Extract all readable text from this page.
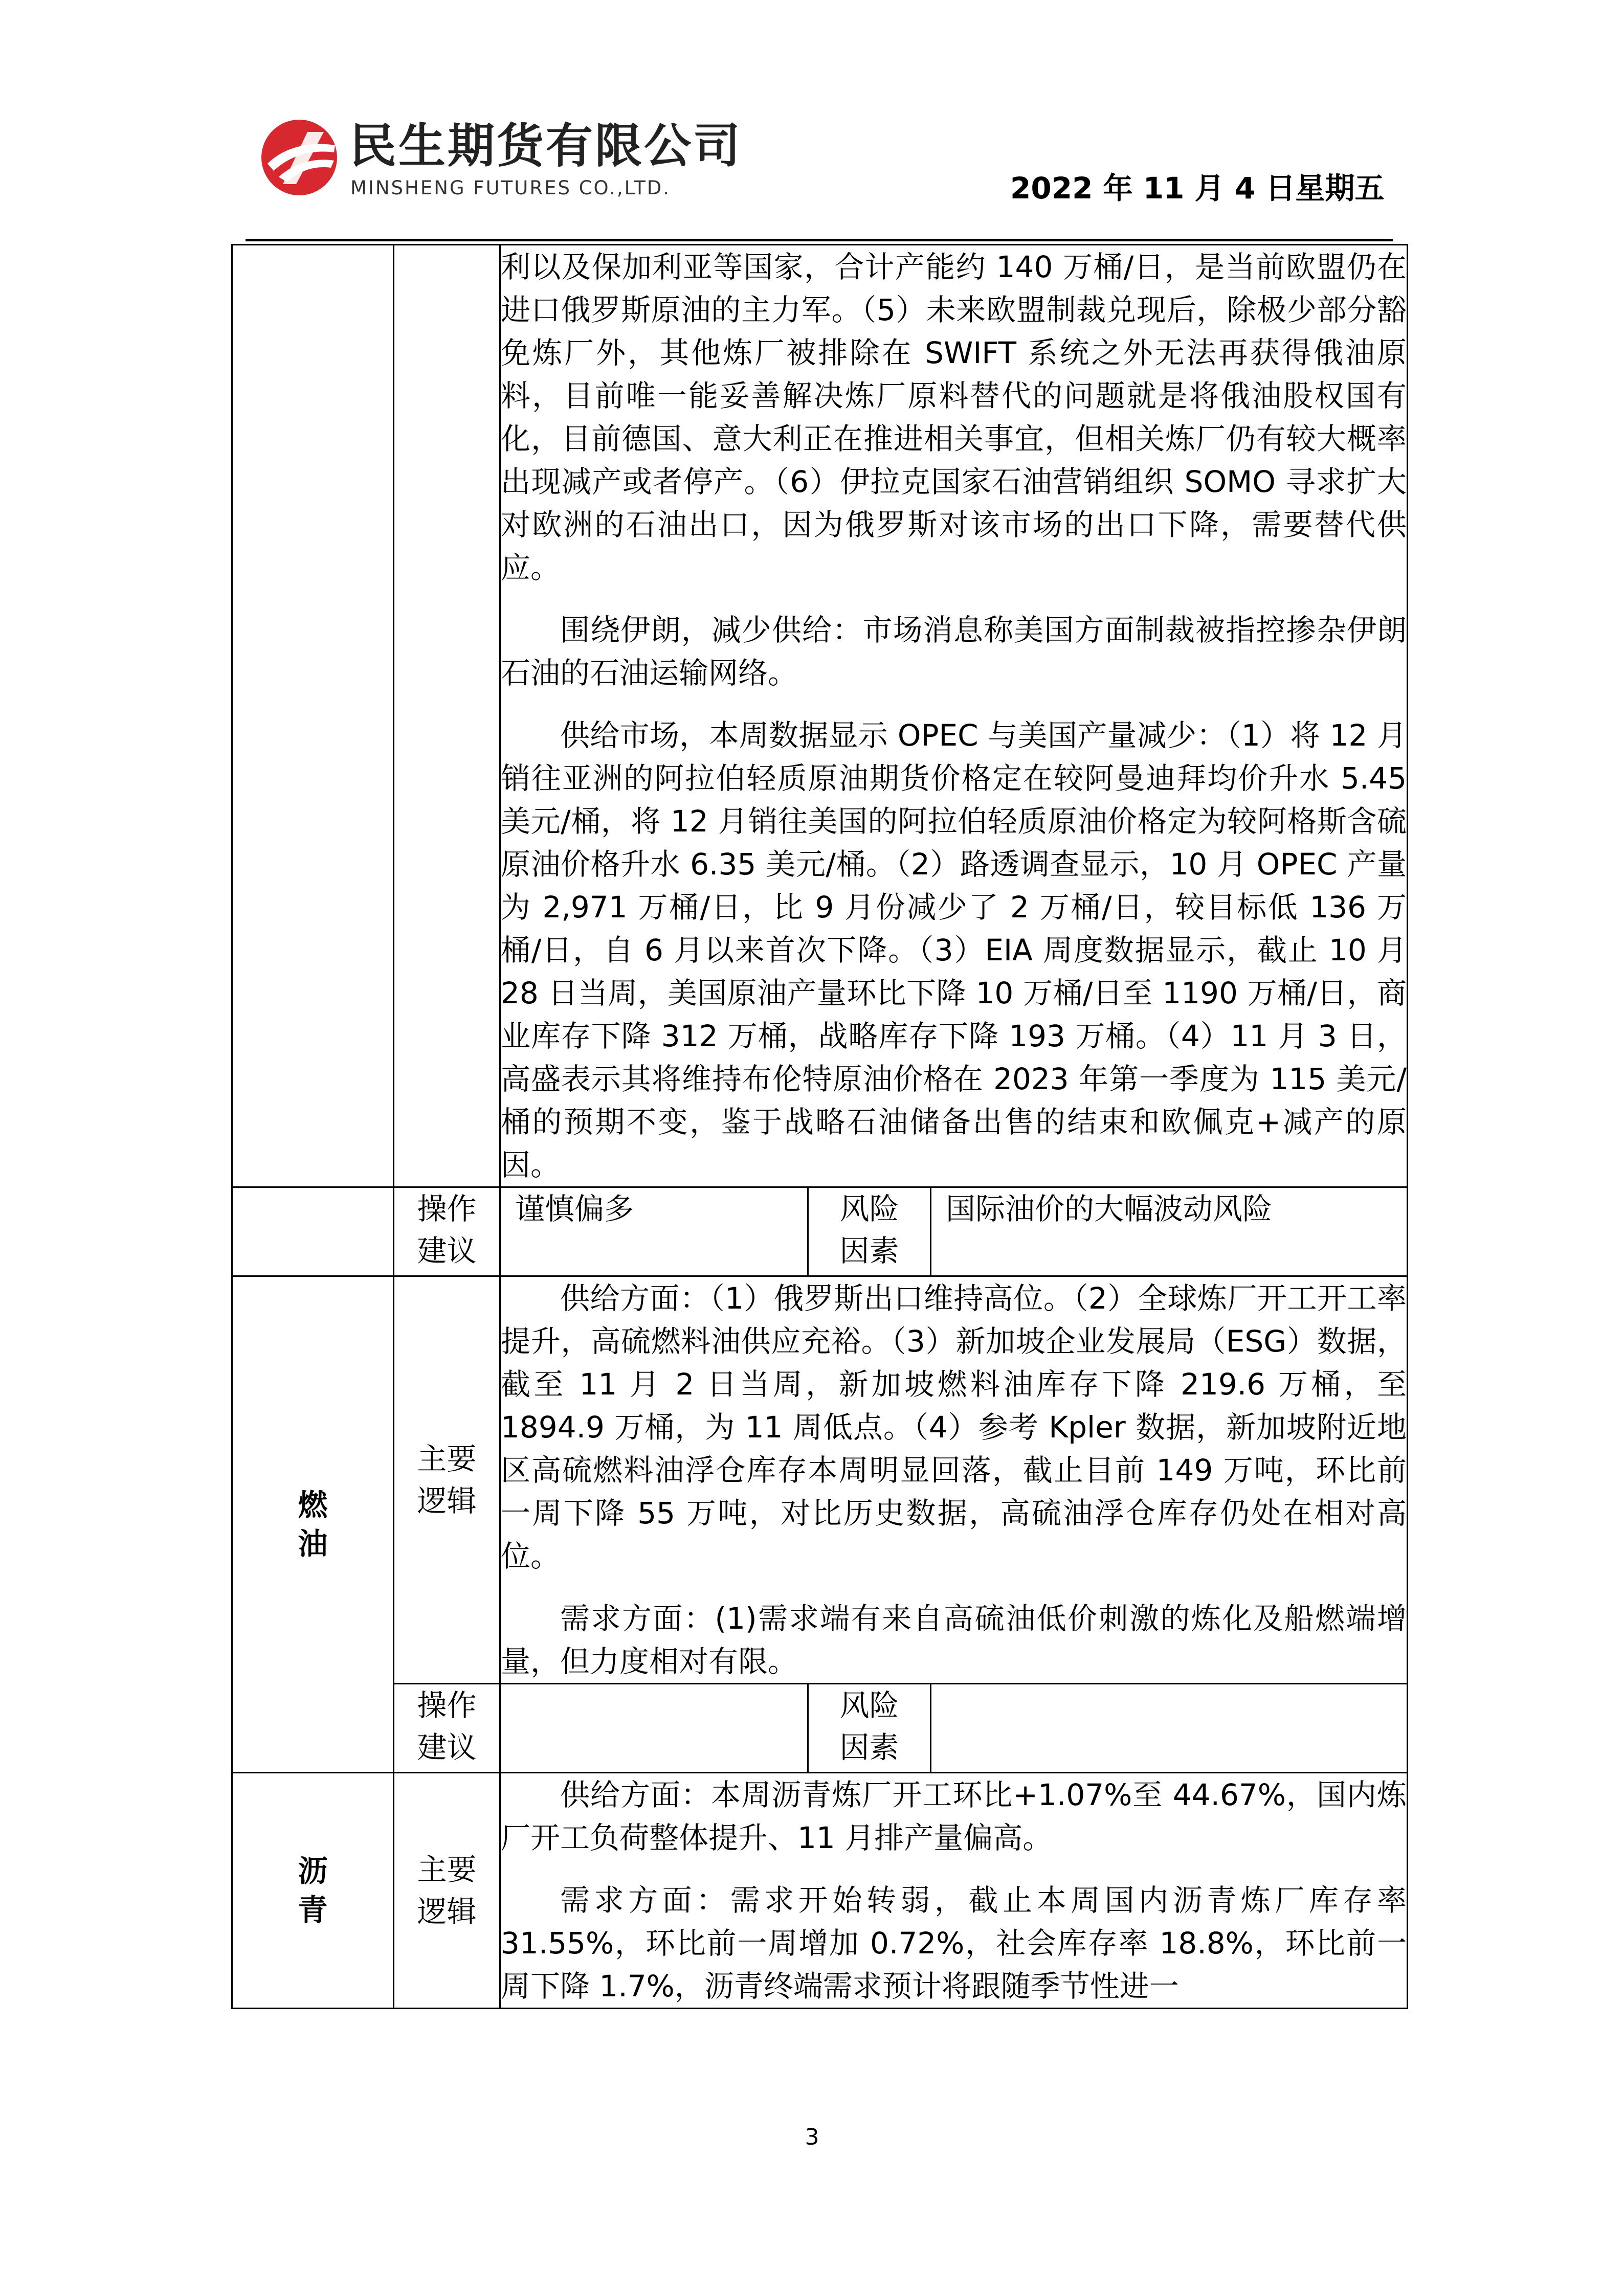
民生期货有限公司
MINSHENG FUTURES CO.,LTD.	2022 年 11 月 4 日星期五

		利以及保加利亚等国家，合计产能约 140 万桶/日，是当前欧盟仍在进口俄罗斯原油的主力军。（5）未来欧盟制裁兑现后，除极少部分豁免炼厂外，其他炼厂被排除在 SWIFT 系统之外无法再获得俄油原料，目前唯一能妥善解决炼厂原料替代的问题就是将俄油股权国有化，目前德国、意大利正在推进相关事宜，但相关炼厂仍有较大概率出现减产或者停产。（6）伊拉克国家石油营销组织 SOMO 寻求扩大对欧洲的石油出口，因为俄罗斯对该市场的出口下降，需要替代供应。

围绕伊朗，减少供给：市场消息称美国方面制裁被指控掺杂伊朗石油的石油运输网络。

供给市场，本周数据显示 OPEC 与美国产量减少：（1）将 12 月销往亚洲的阿拉伯轻质原油期货价格定在较阿曼迪拜均价升水 5.45 美元/桶，将 12 月销往美国的阿拉伯轻质原油价格定为较阿格斯含硫原油价格升水 6.35 美元/桶。（2）路透调查显示，10 月 OPEC 产量为 2,971 万桶/日，比 9 月份减少了 2 万桶/日，较目标低 136 万桶/日，自 6 月以来首次下降。（3）EIA 周度数据显示，截止 10 月 28 日当周，美国原油产量环比下降 10 万桶/日至 1190 万桶/日，商业库存下降 312 万桶，战略库存下降 193 万桶。（4）11 月 3 日，高盛表示其将维持布伦特原油价格在 2023 年第一季度为 115 美元/桶的预期不变，鉴于战略石油储备出售的结束和欧佩克+减产的原因。		

	操作建议	谨慎偏多	风险因素	国际油价的大幅波动风险
燃油	主要逻辑	供给方面：（1）俄罗斯出口维持高位。（2）全球炼厂开工开工率提升，高硫燃料油供应充裕。（3）新加坡企业发展局（ESG）数据，截至 11 月 2 日当周，新加坡燃料油库存下降 219.6 万桶，至 1894.9 万桶，为 11 周低点。（4）参考 Kpler 数据，新加坡附近地区高硫燃料油浮仓库存本周明显回落，截止目前 149 万吨，环比前一周下降 55 万吨，对比历史数据，高硫油浮仓库存仍处在相对高位。

需求方面：(1)需求端有来自高硫油低价刺激的炼化及船燃端增量，但力度相对有限。		

	操作建议		风险因素	
沥青	主要逻辑	供给方面：本周沥青炼厂开工环比+1.07%至 44.67%，国内炼厂开工负荷整体提升、11 月排产量偏高。

需求方面：需求开始转弱，截止本周国内沥青炼厂库存率 31.55%，环比前一周增加 0.72%，社会库存率 18.8%，环比前一周下降 1.7%，沥青终端需求预计将跟随季节性进一		

3
